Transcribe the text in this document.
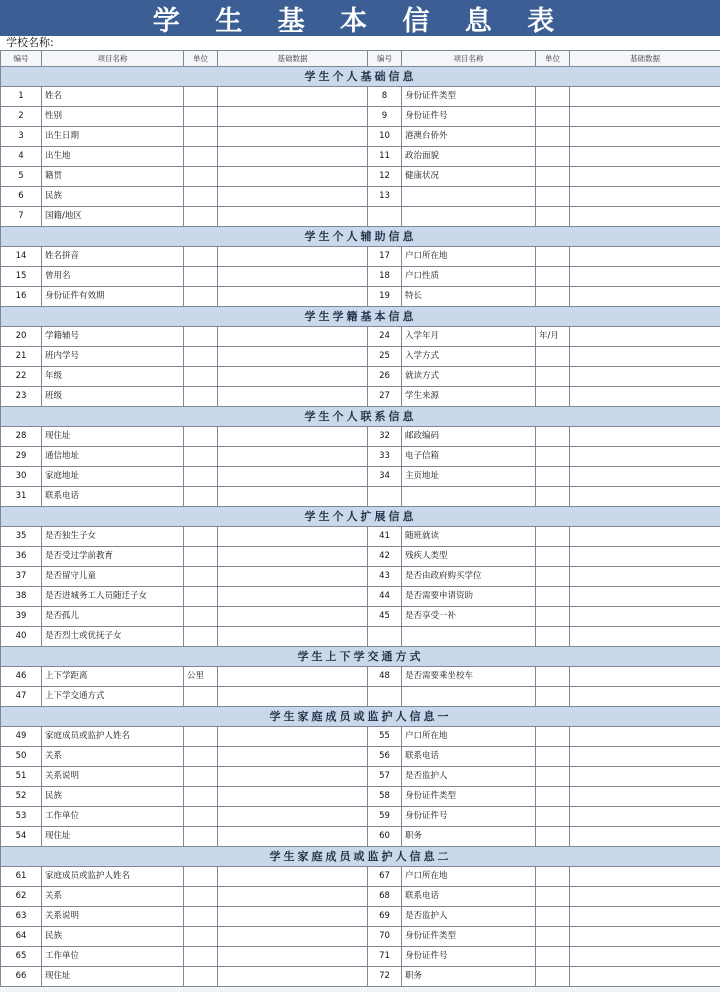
学 生 基 本 信 息 表
学校名称:
编号	项目名称	单位	基础数据	编号	项目名称	单位	基础数据
学生个人基础信息							
1	姓名			8	身份证件类型		
2	性别			9	身份证件号		
3	出生日期			10	港澳台侨外		
4	出生地			11	政治面貌		
5	籍贯			12	健康状况		
6	民族			13			
7	国籍/地区						
学生个人辅助信息							
14	姓名拼音			17	户口所在地		
15	曾用名			18	户口性质		
16	身份证件有效期			19	特长		
学生学籍基本信息							
20	学籍辅号			24	入学年月	年/月	
21	班内学号			25	入学方式		
22	年级			26	就读方式		
23	班级			27	学生来源		
学生个人联系信息							
28	现住址			32	邮政编码		
29	通信地址			33	电子信箱		
30	家庭地址			34	主页地址		
31	联系电话						
学生个人扩展信息							
35	是否独生子女			41	随班就读		
36	是否受过学前教育			42	残疾人类型		
37	是否留守儿童			43	是否由政府购买学位		
38	是否进城务工人员随迁子女			44	是否需要申请资助		
39	是否孤儿			45	是否享受一补		
40	是否烈士或优抚子女						
学生上下学交通方式							
46	上下学距离	公里		48	是否需要乘坐校车		
47	上下学交通方式						
学生家庭成员或监护人信息一							
49	家庭成员或监护人姓名			55	户口所在地		
50	关系			56	联系电话		
51	关系说明			57	是否监护人		
52	民族			58	身份证件类型		
53	工作单位			59	身份证件号		
54	现住址			60	职务		
学生家庭成员或监护人信息二							
61	家庭成员或监护人姓名			67	户口所在地		
62	关系			68	联系电话		
63	关系说明			69	是否监护人		
64	民族			70	身份证件类型		
65	工作单位			71	身份证件号		
66	现住址			72	职务		
